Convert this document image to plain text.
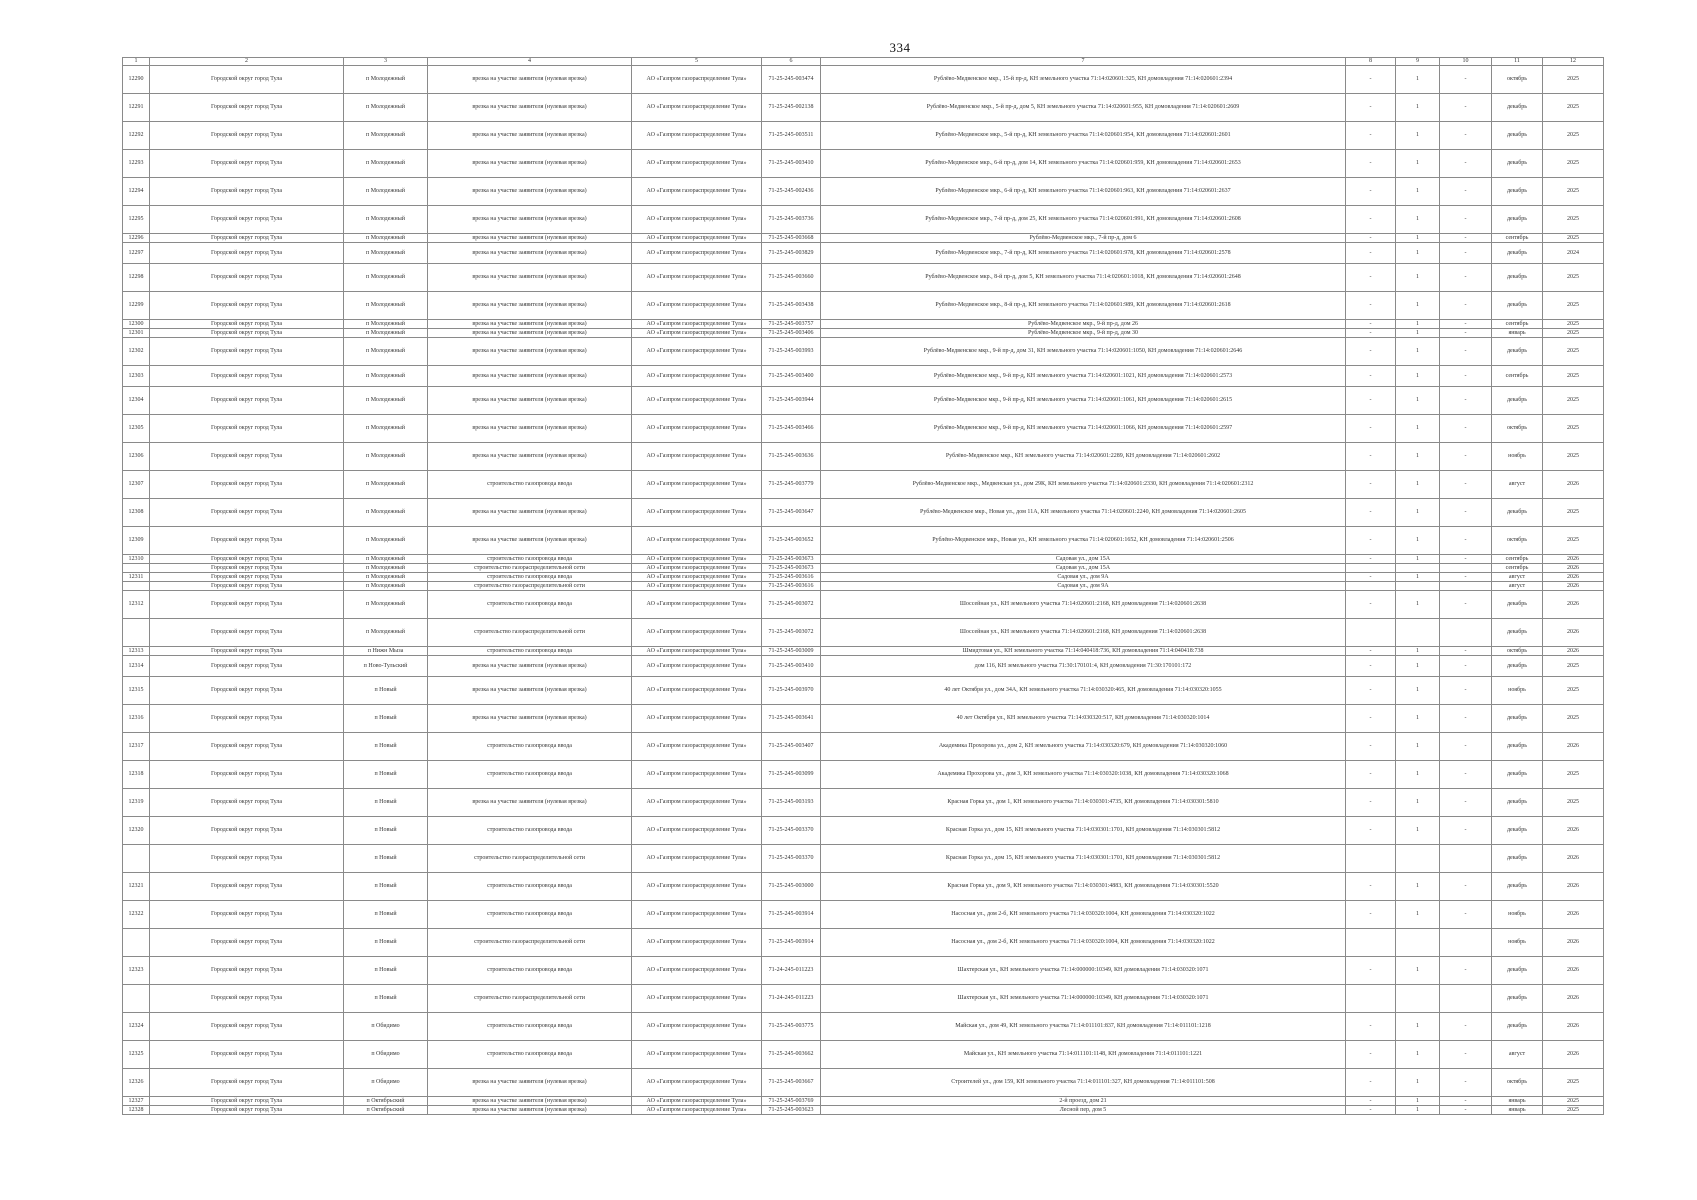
334
1	2	3	4	5	6	7	8	9	10	11	12
12290	Городской округ город Тула	п Молодежный	врезка на участке заявителя (нулевая врезка)	АО «Газпром газораспределение Тула»	71-25-245-003474	Рублёво-Медвенское мкр., 15-й пр-д, КН земельного участка 71:14:020601:325, КН домовладения 71:14:020601:2394	-	1	-	октябрь	2025
12291	Городской округ город Тула	п Молодежный	врезка на участке заявителя (нулевая врезка)	АО «Газпром газораспределение Тула»	71-25-245-002138	Рублёво-Медвенское мкр., 5-й пр-д, дом 5, КН земельного участка 71:14:020601:955, КН домовладения 71:14:020601:2609	-	1	-	декабрь	2025
12292	Городской округ город Тула	п Молодежный	врезка на участке заявителя (нулевая врезка)	АО «Газпром газораспределение Тула»	71-25-245-003511	Рублёво-Медвенское мкр., 5-й пр-д, КН земельного участка 71:14:020601:954, КН домовладения 71:14:020601:2601	-	1	-	декабрь	2025
12293	Городской округ город Тула	п Молодежный	врезка на участке заявителя (нулевая врезка)	АО «Газпром газораспределение Тула»	71-25-245-003410	Рублёво-Медвенское мкр., 6-й пр-д, дом 14, КН земельного участка 71:14:020601:959, КН домовладения 71:14:020601:2653	-	1	-	декабрь	2025
12294	Городской округ город Тула	п Молодежный	врезка на участке заявителя (нулевая врезка)	АО «Газпром газораспределение Тула»	71-25-245-002436	Рублёво-Медвенское мкр., 6-й пр-д, КН земельного участка 71:14:020601:963, КН домовладения 71:14:020601:2637	-	1	-	декабрь	2025
12295	Городской округ город Тула	п Молодежный	врезка на участке заявителя (нулевая врезка)	АО «Газпром газораспределение Тула»	71-25-245-003736	Рублёво-Медвенское мкр., 7-й пр-д, дом 25, КН земельного участка 71:14:020601:991, КН домовладения 71:14:020601:2608	-	1	-	декабрь	2025
12296	Городской округ город Тула	п Молодежный	врезка на участке заявителя (нулевая врезка)	АО «Газпром газораспределение Тула»	71-25-245-003668	Рублёво-Медвенское мкр., 7-й пр-д, дом 6	-	1	-	сентябрь	2025
12297	Городской округ город Тула	п Молодежный	врезка на участке заявителя (нулевая врезка)	АО «Газпром газораспределение Тула»	71-25-245-003829	Рублёво-Медвенское мкр., 7-й пр-д, КН земельного участка 71:14:020601:978, КН домовладения 71:14:020601:2578	-	1	-	декабрь	2024
12298	Городской округ город Тула	п Молодежный	врезка на участке заявителя (нулевая врезка)	АО «Газпром газораспределение Тула»	71-25-245-003660	Рублёво-Медвенское мкр., 8-й пр-д, дом 5, КН земельного участка 71:14:020601:1018, КН домовладения 71:14:020601:2648	-	1	-	декабрь	2025
12299	Городской округ город Тула	п Молодежный	врезка на участке заявителя (нулевая врезка)	АО «Газпром газораспределение Тула»	71-25-245-003438	Рублёво-Медвенское мкр., 8-й пр-д, КН земельного участка 71:14:020601:989, КН домовладения 71:14:020601:2618	-	1	-	декабрь	2025
12300	Городской округ город Тула	п Молодежный	врезка на участке заявителя (нулевая врезка)	АО «Газпром газораспределение Тула»	71-25-245-003757	Рублёво-Медвенское мкр., 9-й пр-д, дом 26	-	1	-	сентябрь	2025
12301	Городской округ город Тула	п Молодежный	врезка на участке заявителя (нулевая врезка)	АО «Газпром газораспределение Тула»	71-25-245-003406	Рублёво-Медвенское мкр., 9-й пр-д, дом 30	-	1	-	январь	2025
12302	Городской округ город Тула	п Молодежный	врезка на участке заявителя (нулевая врезка)	АО «Газпром газораспределение Тула»	71-25-245-003993	Рублёво-Медвенское мкр., 9-й пр-д, дом 31, КН земельного участка 71:14:020601:1050, КН домовладения 71:14:020601:2646	-	1	-	декабрь	2025
12303	Городской округ город Тула	п Молодежный	врезка на участке заявителя (нулевая врезка)	АО «Газпром газораспределение Тула»	71-25-245-003400	Рублёво-Медвенское мкр., 9-й пр-д, КН земельного участка 71:14:020601:1021, КН домовладения 71:14:020601:2573	-	1	-	сентябрь	2025
12304	Городской округ город Тула	п Молодежный	врезка на участке заявителя (нулевая врезка)	АО «Газпром газораспределение Тула»	71-25-245-003944	Рублёво-Медвенское мкр., 9-й пр-д, КН земельного участка 71:14:020601:1061, КН домовладения 71:14:020601:2615	-	1	-	декабрь	2025
12305	Городской округ город Тула	п Молодежный	врезка на участке заявителя (нулевая врезка)	АО «Газпром газораспределение Тула»	71-25-245-003466	Рублёво-Медвенское мкр., 9-й пр-д, КН земельного участка 71:14:020601:1066, КН домовладения 71:14:020601:2597	-	1	-	октябрь	2025
12306	Городской округ город Тула	п Молодежный	врезка на участке заявителя (нулевая врезка)	АО «Газпром газораспределение Тула»	71-25-245-003636	Рублёво-Медвенское мкр., КН земельного участка 71:14:020601:2289, КН домовладения 71:14:020601:2602	-	1	-	ноябрь	2025
12307	Городской округ город Тула	п Молодежный	строительство газопровода ввода	АО «Газпром газораспределение Тула»	71-25-245-003779	Рублёво-Медвенское мкр., Медвенская ул., дом 29К, КН земельного участка 71:14:020601:2330, КН домовладения 71:14:020601:2312	-	1	-	август	2026
12308	Городской округ город Тула	п Молодежный	врезка на участке заявителя (нулевая врезка)	АО «Газпром газораспределение Тула»	71-25-245-003647	Рублёво-Медвенское мкр., Новая ул., дом 11А, КН земельного участка 71:14:020601:2240, КН домовладения 71:14:020601:2605	-	1	-	декабрь	2025
12309	Городской округ город Тула	п Молодежный	врезка на участке заявителя (нулевая врезка)	АО «Газпром газораспределение Тула»	71-25-245-003652	Рублёво-Медвенское мкр., Новая ул., КН земельного участка 71:14:020601:1652, КН домовладения 71:14:020601:2506	-	1	-	октябрь	2025
12310	Городской округ город Тула	п Молодежный	строительство газопровода ввода	АО «Газпром газораспределение Тула»	71-25-245-003673	Садовая ул., дом 15А	-	1	-	сентябрь	2026
	Городской округ город Тула	п Молодежный	строительство газораспределительной сети	АО «Газпром газораспределение Тула»	71-25-245-003673	Садовая ул., дом 15А				сентябрь	2026
12311	Городской округ город Тула	п Молодежный	строительство газопровода ввода	АО «Газпром газораспределение Тула»	71-25-245-003616	Садовая ул., дом 9А	-	1	-	август	2026
	Городской округ город Тула	п Молодежный	строительство газораспределительной сети	АО «Газпром газораспределение Тула»	71-25-245-003616	Садовая ул., дом 9А				август	2026
12312	Городской округ город Тула	п Молодежный	строительство газопровода ввода	АО «Газпром газораспределение Тула»	71-25-245-003072	Шоссейная ул., КН земельного участка 71:14:020601:2168, КН домовладения 71:14:020601:2638	-	1	-	декабрь	2026
	Городской округ город Тула	п Молодежный	строительство газораспределительной сети	АО «Газпром газораспределение Тула»	71-25-245-003072	Шоссейная ул., КН земельного участка 71:14:020601:2168, КН домовладения 71:14:020601:2638				декабрь	2026
12313	Городской округ город Тула	п Нижн Мыза	строительство газопровода ввода	АО «Газпром газораспределение Тула»	71-25-245-003009	Шмидтовая ул., КН земельного участка 71:14:040418:736, КН домовладения 71:14:040418:738	-	1	-	октябрь	2026
12314	Городской округ город Тула	п Ново-Тульский	врезка на участке заявителя (нулевая врезка)	АО «Газпром газораспределение Тула»	71-25-245-003410	дом 116, КН земельного участка 71:30:170101:4, КН домовладения 71:30:170101:172	-	1	-	декабрь	2025
12315	Городской округ город Тула	п Новый	врезка на участке заявителя (нулевая врезка)	АО «Газпром газораспределение Тула»	71-25-245-003970	40 лет Октября ул., дом 34А, КН земельного участка 71:14:030320:465, КН домовладения 71:14:030320:1055	-	1	-	ноябрь	2025
12316	Городской округ город Тула	п Новый	врезка на участке заявителя (нулевая врезка)	АО «Газпром газораспределение Тула»	71-25-245-003641	40 лет Октября ул., КН земельного участка 71:14:030320:517, КН домовладения 71:14:030320:1014	-	1	-	декабрь	2025
12317	Городской округ город Тула	п Новый	строительство газопровода ввода	АО «Газпром газораспределение Тула»	71-25-245-003407	Академика Прохорова ул., дом 2, КН земельного участка 71:14:030320:679, КН домовладения 71:14:030320:1060	-	1	-	декабрь	2026
12318	Городской округ город Тула	п Новый	строительство газопровода ввода	АО «Газпром газораспределение Тула»	71-25-245-003099	Академика Прохорова ул., дом 3, КН земельного участка 71:14:030320:1038, КН домовладения 71:14:030320:1068	-	1	-	декабрь	2025
12319	Городской округ город Тула	п Новый	врезка на участке заявителя (нулевая врезка)	АО «Газпром газораспределение Тула»	71-25-245-003193	Красная Горка ул., дом 1, КН земельного участка 71:14:030301:4735, КН домовладения 71:14:030301:5810	-	1	-	декабрь	2025
12320	Городской округ город Тула	п Новый	строительство газопровода ввода	АО «Газпром газораспределение Тула»	71-25-245-003370	Красная Горка ул., дом 15, КН земельного участка 71:14:030301:1701, КН домовладения 71:14:030301:5812	-	1	-	декабрь	2026
	Городской округ город Тула	п Новый	строительство газораспределительной сети	АО «Газпром газораспределение Тула»	71-25-245-003370	Красная Горка ул., дом 15, КН земельного участка 71:14:030301:1701, КН домовладения 71:14:030301:5812				декабрь	2026
12321	Городской округ город Тула	п Новый	строительство газопровода ввода	АО «Газпром газораспределение Тула»	71-25-245-003000	Красная Горка ул., дом 9, КН земельного участка 71:14:030301:4883, КН домовладения 71:14:030301:5520	-	1	-	декабрь	2026
12322	Городской округ город Тула	п Новый	строительство газопровода ввода	АО «Газпром газораспределение Тула»	71-25-245-003914	Насосная ул., дом 2-б, КН земельного участка 71:14:030320:1004, КН домовладения 71:14:030320:1022	-	1	-	ноябрь	2026
	Городской округ город Тула	п Новый	строительство газораспределительной сети	АО «Газпром газораспределение Тула»	71-25-245-003914	Насосная ул., дом 2-б, КН земельного участка 71:14:030320:1004, КН домовладения 71:14:030320:1022				ноябрь	2026
12323	Городской округ город Тула	п Новый	строительство газопровода ввода	АО «Газпром газораспределение Тула»	71-24-245-011223	Шахтерская ул., КН земельного участка 71:14:000000:10349, КН домовладения 71:14:030320:1071	-	1	-	декабрь	2026
	Городской округ город Тула	п Новый	строительство газораспределительной сети	АО «Газпром газораспределение Тула»	71-24-245-011223	Шахтерская ул., КН земельного участка 71:14:000000:10349, КН домовладения 71:14:030320:1071				декабрь	2026
12324	Городской округ город Тула	п Обидимо	строительство газопровода ввода	АО «Газпром газораспределение Тула»	71-25-245-003775	Майская ул., дом 49, КН земельного участка 71:14:011101:837, КН домовладения 71:14:011101:1218	-	1	-	декабрь	2026
12325	Городской округ город Тула	п Обидимо	строительство газопровода ввода	АО «Газпром газораспределение Тула»	71-25-245-003662	Майская ул., КН земельного участка 71:14:011101:1148, КН домовладения 71:14:011101:1221	-	1	-	август	2026
12326	Городской округ город Тула	п Обидимо	врезка на участке заявителя (нулевая врезка)	АО «Газпром газораспределение Тула»	71-25-245-003667	Строителей ул., дом 159, КН земельного участка 71:14:011101:327, КН домовладения 71:14:011101:508	-	1	-	октябрь	2025
12327	Городской округ город Тула	п Октябрьский	врезка на участке заявителя (нулевая врезка)	АО «Газпром газораспределение Тула»	71-25-245-003769	2-й проезд, дом 21	-	1	-	январь	2025
12328	Городской округ город Тула	п Октябрьский	врезка на участке заявителя (нулевая врезка)	АО «Газпром газораспределение Тула»	71-25-245-003623	Лесной пер, дом 5	-	1	-	январь	2025
